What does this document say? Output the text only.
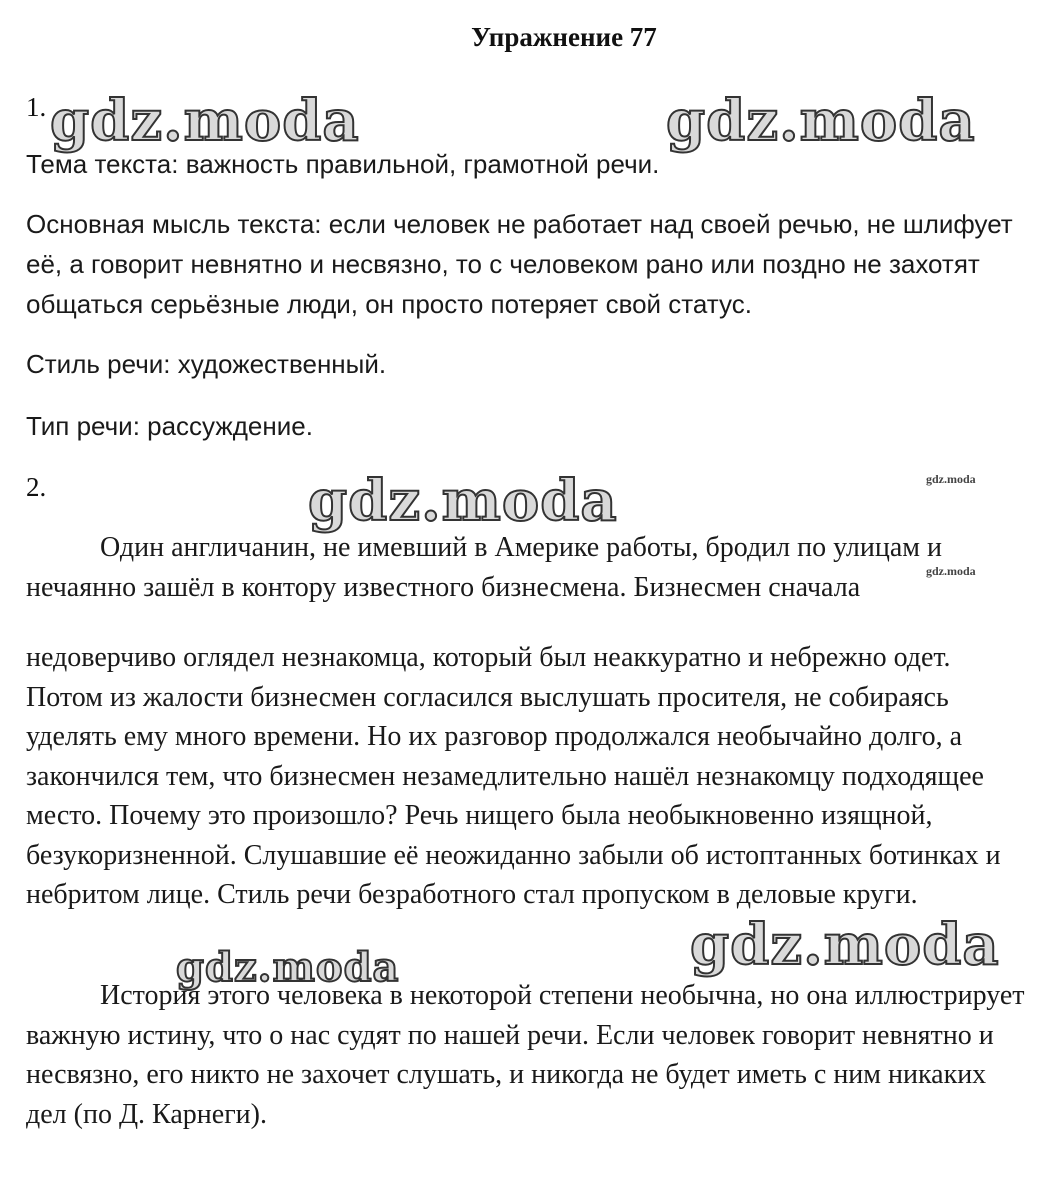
Упражнение 77
1.
Тема текста: важность правильной, грамотной речи.
Основная мысль текста: если человек не работает над своей речью, не шлифует её, а говорит невнятно и несвязно, то с человеком рано или поздно не захотят общаться серьёзные люди, он просто потеряет свой статус.
Стиль речи: художественный.
Тип речи: рассуждение.
2.
Один англичанин, не имевший в Америке работы, бродил по улицам и нечаянно зашёл в контору известного бизнесмена. Бизнесмен сначала
недоверчиво оглядел незнакомца, который был неаккуратно и небрежно одет. Потом из жалости бизнесмен согласился выслушать просителя, не собираясь уделять ему много времени. Но их разговор продолжался необычайно долго, а закончился тем, что бизнесмен незамедлительно нашёл незнакомцу подходящее место. Почему это произошло? Речь нищего была необыкновенно изящной, безукоризненной. Слушавшие её неожиданно забыли об истоптанных ботинках и небритом лице. Стиль речи безработного стал пропуском в деловые круги.
История этого человека в некоторой степени необычна, но она иллюстрирует важную истину, что о нас судят по нашей речи. Если человек говорит невнятно и несвязно, его никто не захочет слушать, и никогда не будет иметь с ним никаких дел (по Д. Карнеги).
gdz.moda	gdz.moda
gdz.moda
gdz.moda
gdz.moda
gdz.moda
gdz.moda
